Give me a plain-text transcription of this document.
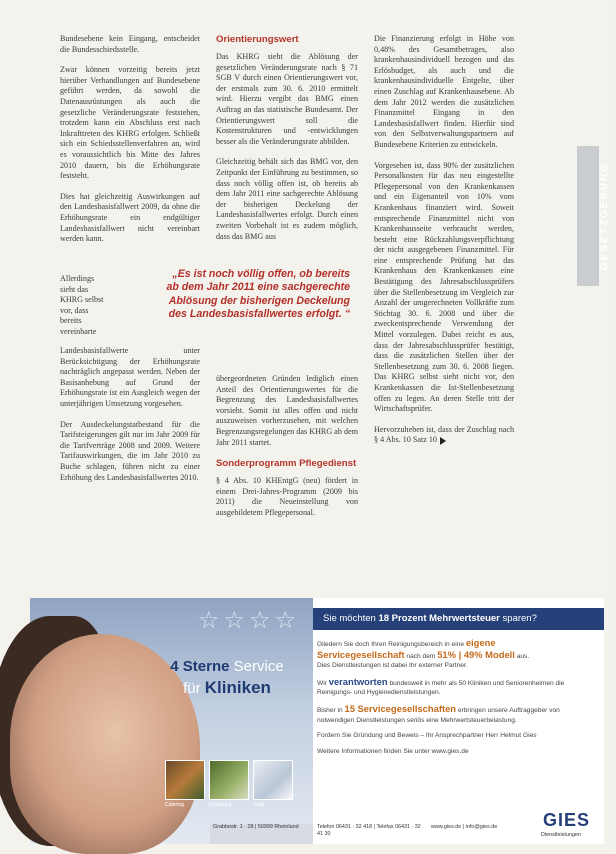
Bundesebene kein Eingang, entscheidet die Bundesschiedsstelle.

Zwar können vorzeitig bereits jetzt hierüber Verhandlungen auf Bundesebene geführt werden, da sowohl die Datenausrüstungen als auch die gesetzliche Veränderungsrate feststehen, trotzdem kann ein Abschluss erst nach Inkrafttreten des KHRG erfolgen. Schließt sich ein Schiedsstellenverfahren an, wird es voraussichtlich bis Mitte des Jahres 2010 dauern, bis die Erhöhungsrate feststeht.

Dies hat gleichzeitig Auswirkungen auf den Landesbasisfallwert 2009, da ohne die Erhöhungsrate ein endgültiger Landesbasisfallwert nicht vereinbart werden kann.

Allerdings sieht das KHRG selbst vor, dass bereits vereinbarte

Landesbasisfallwerte unter Berücksichtigung der Erhöhungsrate nachträglich angepasst werden. Neben der Basisanhebung auf Grund der Erhöhungsrate ist ein Ausgleich wegen der unterjährigen Umsetzung vorgesehen.

Der Ausdeckelungstatbestand für die Tarifsteigerungen gilt nur im Jahr 2009 für die Tarifverträge 2008 und 2009. Weitere Tarifauswirkungen, die im Jahr 2010 zu Buche schlagen, führen nicht zu einer Erhöhung des Landesbasisfallwertes 2010.

Orientierungswert

Das KHRG sieht die Ablösung der gesetzlichen Veränderungsrate nach § 71 SGB V durch einen Orientierungswert vor, der erstmals zum 30. 6. 2010 ermittelt wird. Hierzu vergibt das BMG einen Auftrag an das statistische Bundesamt. Der Orientierungswert soll die Kostenstrukturen und -entwicklungen besser als die Veränderungsrate abbilden.

Gleichzeitig behält sich das BMG vor, den Zeitpunkt der Einführung zu bestimmen, so dass noch völlig offen ist, ob bereits ab dem Jahr 2011 eine sachgerechte Ablösung der bisherigen Deckelung der Landesbasisfallwertes erfolgt. Durch einen zweiten Vorbehalt ist es zudem möglich, dass das BMG aus

„Es ist noch völlig offen, ob bereits
ab dem Jahr 2011 eine sachgerechte
Ablösung der bisherigen Deckelung
des Landesbasisfallwertes erfolgt. “

übergeordneten Gründen lediglich einen Anteil des Orientierungswertes für die Begrenzung des Landesbasisfallwertes vorsieht. Somit ist alles offen und nicht auszuweisen vorherzusehen, mit welchen Begrenzungsregelungen das KHRG ab dem Jahr 2011 startet.

Sonderprogramm Pflegedienst

§ 4 Abs. 10 KHEntgG (neu) fördert in einem Drei-Jahres-Programm (2009 bis 2011) die Neueinstellung von ausgebildetem Pflegepersonal.

Die Finanzierung erfolgt in Höhe von 0,48% des Gesamtbetrages, also krankenhausindividuell bezogen und das Erlösbudget, als auch und die krankenhausindividuelle Entgelte, über einen Zuschlag auf Krankenhausebene. Ab dem Jahr 2012 werden die zusätzlichen Finanzmittel Eingang in den Landesbasisfallwert finden. Hierfür sind von den Selbstverwaltungspartnern auf Bundesebene Kriterien zu entwickeln.

Vorgesehen ist, dass 90% der zusätzlichen Personalkosten für das neu eingestellte Pflegepersonal von den Krankenkassen und ein Eigenanteil von 10% vom Krankenhaus finanziert wird. Soweit entsprechende Finanzmittel nicht von Krankenhausseite verbraucht werden, besteht eine Rückzahlungsverpflichtung der nicht ausgegebenen Finanzmittel. Für eine entsprechende Prüfung hat das Krankenhaus den Krankenkassen eine Bestätigung des Jahresabschlussprüfers über die Stellenbesetzung im Vergleich zur Anzahl der umgerechneten Vollkräfte zum Stichtag 30. 6. 2008 und über die zweckentsprechende Verwendung der Mittel vorzulegen. Dabei reicht es aus, dass der Jahresabschlussprüfer bestätigt, dass die zusätzlichen Stellen über der Stellenbesetzung zum 30. 6. 2008 liegen. Das KHRG selbst sieht nicht vor, den Krankenkassen die Ist-Stellenbesetzung offen zu legen. An deren Stelle tritt der Wirtschaftsprüfer.

Hervorzuheben ist, dass der Zuschlag nach § 4 Abs. 10 Satz 10

GESETZGEBUNG
☆☆☆☆
4 Sterne Service
für Kliniken
Catering	Reinigung	Textil
Sie möchten 18 Prozent Mehrwertsteuer sparen?

Gliedern Sie doch Ihren Reinigungsbereich in eine eigene
Servicegesellschaft nach dem 51% | 49% Modell aus.
Dies Dienstleistungen ist dabei Ihr externer Partner.

Wir verantworten bundesweit in mehr als 50 Kliniken und Seniorenheimen die Reinigungs- und Hygienedienstleistungen.

Bisher in 15 Servicegesellschaften erbringen unsere Auftraggeber von notwendigen Dienstleistungen seriös eine Mehrwertsteuerbelastung.

Fordern Sie Gründung und Beweis – Ihr Ansprechpartner Herr Helmut Gies

Weitere Informationen finden Sie unter www.gies.de

Grabbestr. 1 · 28 | 50999 Rheinland	Telefon 06431 · 32 418 | Telefax 06431 · 32 41 30
www.gies.de | info@gies.de	GIES
Dienstleistungen
